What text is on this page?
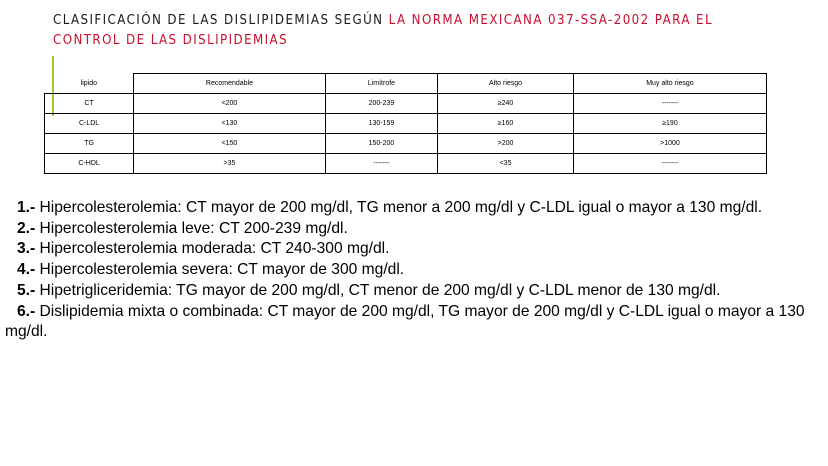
CLASIFICACIÓN DE LAS DISLIPIDEMIAS SEGÚN LA NORMA MEXICANA 037-SSA-2002 PARA EL CONTROL DE LAS DISLIPIDEMIAS
lipido	Recomendable	Limítrofe	Alto riesgo	Muy alto riesgo
CT	<200	200-239	≥240	-------
C-LDL	<130	130-159	≥160	≥190
TG	<150	150-200	>200	>1000
C-HDL	>35	-------	<35	-------

1.- Hipercolesterolemia: CT mayor de 200 mg/dl, TG menor a 200 mg/dl y C-LDL igual o mayor a 130 mg/dl.

2.- Hipercolesterolemia leve: CT 200-239 mg/dl.

3.- Hipercolesterolemia moderada: CT 240-300 mg/dl.

4.- Hipercolesterolemia severa: CT mayor de 300 mg/dl.

5.- Hipetrigliceridemia: TG mayor de 200 mg/dl, CT menor de 200 mg/dl y C-LDL menor de 130 mg/dl.

6.- Dislipidemia mixta o combinada: CT mayor de 200 mg/dl, TG mayor de 200 mg/dl y C-LDL igual o mayor a 130 mg/dl.
